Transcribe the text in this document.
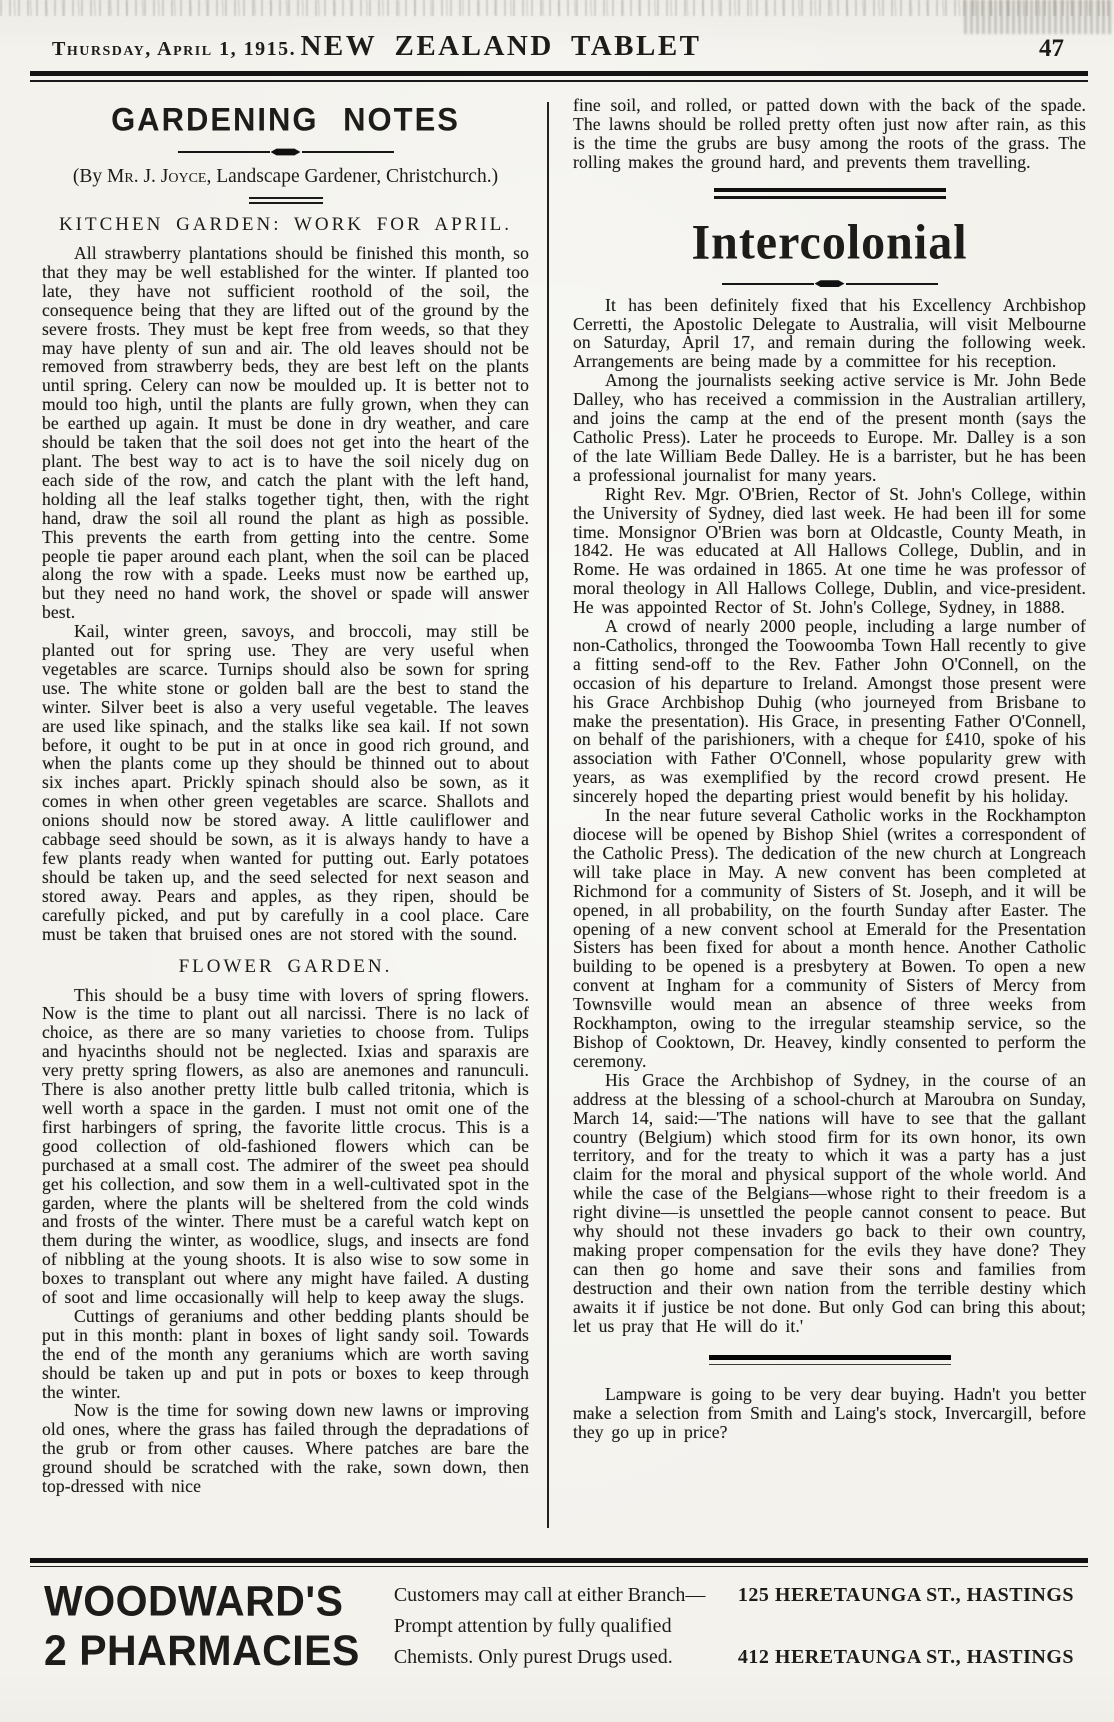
Thursday, April 1, 1915. NEW ZEALAND TABLET	47
GARDENING NOTES
(By Mr. J. Joyce, Landscape Gardener, Christchurch.)
KITCHEN GARDEN: WORK FOR APRIL.

All strawberry plantations should be finished this month, so that they may be well established for the winter. If planted too late, they have not sufficient roothold of the soil, the consequence being that they are lifted out of the ground by the severe frosts. They must be kept free from weeds, so that they may have plenty of sun and air. The old leaves should not be removed from strawberry beds, they are best left on the plants until spring. Celery can now be moulded up. It is better not to mould too high, until the plants are fully grown, when they can be earthed up again. It must be done in dry weather, and care should be taken that the soil does not get into the heart of the plant. The best way to act is to have the soil nicely dug on each side of the row, and catch the plant with the left hand, holding all the leaf stalks together tight, then, with the right hand, draw the soil all round the plant as high as possible. This prevents the earth from getting into the centre. Some people tie paper around each plant, when the soil can be placed along the row with a spade. Leeks must now be earthed up, but they need no hand work, the shovel or spade will answer best.

Kail, winter green, savoys, and broccoli, may still be planted out for spring use. They are very useful when vegetables are scarce. Turnips should also be sown for spring use. The white stone or golden ball are the best to stand the winter. Silver beet is also a very useful vegetable. The leaves are used like spinach, and the stalks like sea kail. If not sown before, it ought to be put in at once in good rich ground, and when the plants come up they should be thinned out to about six inches apart. Prickly spinach should also be sown, as it comes in when other green vegetables are scarce. Shallots and onions should now be stored away. A little cauliflower and cabbage seed should be sown, as it is always handy to have a few plants ready when wanted for putting out. Early potatoes should be taken up, and the seed selected for next season and stored away. Pears and apples, as they ripen, should be carefully picked, and put by carefully in a cool place. Care must be taken that bruised ones are not stored with the sound.

FLOWER GARDEN.

This should be a busy time with lovers of spring flowers. Now is the time to plant out all narcissi. There is no lack of choice, as there are so many varieties to choose from. Tulips and hyacinths should not be neglected. Ixias and sparaxis are very pretty spring flowers, as also are anemones and ranunculi. There is also another pretty little bulb called tritonia, which is well worth a space in the garden. I must not omit one of the first harbingers of spring, the favorite little crocus. This is a good collection of old-fashioned flowers which can be purchased at a small cost. The admirer of the sweet pea should get his collection, and sow them in a well-cultivated spot in the garden, where the plants will be sheltered from the cold winds and frosts of the winter. There must be a careful watch kept on them during the winter, as woodlice, slugs, and insects are fond of nibbling at the young shoots. It is also wise to sow some in boxes to transplant out where any might have failed. A dusting of soot and lime occasionally will help to keep away the slugs.

Cuttings of geraniums and other bedding plants should be put in this month: plant in boxes of light sandy soil. Towards the end of the month any geraniums which are worth saving should be taken up and put in pots or boxes to keep through the winter.

Now is the time for sowing down new lawns or improving old ones, where the grass has failed through the depradations of the grub or from other causes. Where patches are bare the ground should be scratched with the rake, sown down, then top-dressed with nice

fine soil, and rolled, or patted down with the back of the spade. The lawns should be rolled pretty often just now after rain, as this is the time the grubs are busy among the roots of the grass. The rolling makes the ground hard, and prevents them travelling.

Intercolonial

It has been definitely fixed that his Excellency Archbishop Cerretti, the Apostolic Delegate to Australia, will visit Melbourne on Saturday, April 17, and remain during the following week. Arrangements are being made by a committee for his reception.

Among the journalists seeking active service is Mr. John Bede Dalley, who has received a commission in the Australian artillery, and joins the camp at the end of the present month (says the Catholic Press). Later he proceeds to Europe. Mr. Dalley is a son of the late William Bede Dalley. He is a barrister, but he has been a professional journalist for many years.

Right Rev. Mgr. O'Brien, Rector of St. John's College, within the University of Sydney, died last week. He had been ill for some time. Monsignor O'Brien was born at Oldcastle, County Meath, in 1842. He was educated at All Hallows College, Dublin, and in Rome. He was ordained in 1865. At one time he was professor of moral theology in All Hallows College, Dublin, and vice-president. He was appointed Rector of St. John's College, Sydney, in 1888.

A crowd of nearly 2000 people, including a large number of non-Catholics, thronged the Toowoomba Town Hall recently to give a fitting send-off to the Rev. Father John O'Connell, on the occasion of his departure to Ireland. Amongst those present were his Grace Archbishop Duhig (who journeyed from Brisbane to make the presentation). His Grace, in presenting Father O'Connell, on behalf of the parishioners, with a cheque for £410, spoke of his association with Father O'Connell, whose popularity grew with years, as was exemplified by the record crowd present. He sincerely hoped the departing priest would benefit by his holiday.

In the near future several Catholic works in the Rockhampton diocese will be opened by Bishop Shiel (writes a correspondent of the Catholic Press). The dedication of the new church at Longreach will take place in May. A new convent has been completed at Richmond for a community of Sisters of St. Joseph, and it will be opened, in all probability, on the fourth Sunday after Easter. The opening of a new convent school at Emerald for the Presentation Sisters has been fixed for about a month hence. Another Catholic building to be opened is a presbytery at Bowen. To open a new convent at Ingham for a community of Sisters of Mercy from Townsville would mean an absence of three weeks from Rockhampton, owing to the irregular steamship service, so the Bishop of Cooktown, Dr. Heavey, kindly consented to perform the ceremony.

His Grace the Archbishop of Sydney, in the course of an address at the blessing of a school-church at Maroubra on Sunday, March 14, said:—'The nations will have to see that the gallant country (Belgium) which stood firm for its own honor, its own territory, and for the treaty to which it was a party has a just claim for the moral and physical support of the whole world. And while the case of the Belgians—whose right to their freedom is a right divine—is unsettled the people cannot consent to peace. But why should not these invaders go back to their own country, making proper compensation for the evils they have done? They can then go home and save their sons and families from destruction and their own nation from the terrible destiny which awaits it if justice be not done. But only God can bring this about; let us pray that He will do it.'

Lampware is going to be very dear buying. Hadn't you better make a selection from Smith and Laing's stock, Invercargill, before they go up in price?

WOODWARD'S
2 PHARMACIES
Customers may call at either Branch— 125 HERETAUNGA ST., HASTINGS
Prompt attention by fully qualified
Chemists. Only purest Drugs used.	412 HERETAUNGA ST., HASTINGS
